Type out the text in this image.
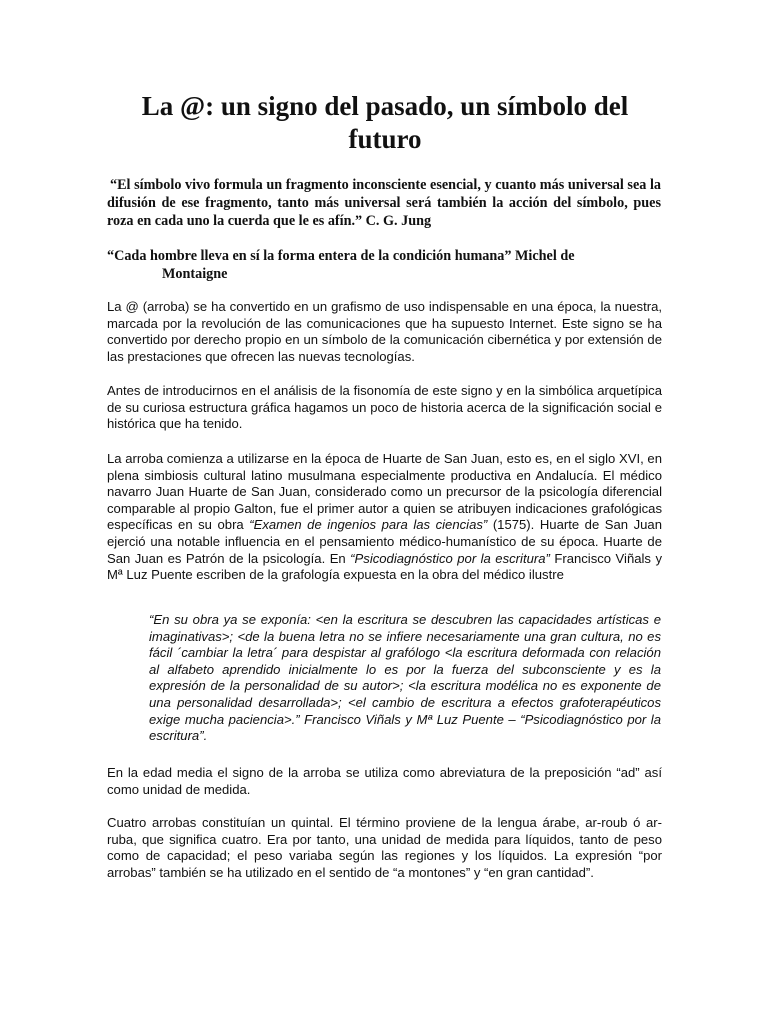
La @: un signo del pasado, un símbolo del futuro

“El símbolo vivo formula un fragmento inconsciente esencial, y cuanto más universal sea la difusión de ese fragmento, tanto más universal será también la acción del símbolo, pues roza en cada uno la cuerda que le es afín.” C. G. Jung

“Cada hombre lleva en sí la forma entera de la condición humana” Michel de
Montaigne

La @ (arroba) se ha convertido en un grafismo de uso indispensable en una época, la nuestra, marcada por la revolución de las comunicaciones que ha supuesto Internet. Este signo se ha convertido por derecho propio en un símbolo de la comunicación cibernética y por extensión de las prestaciones que ofrecen las nuevas tecnologías.

Antes de introducirnos en el análisis de la fisonomía de este signo y en la simbólica arquetípica de su curiosa estructura gráfica hagamos un poco de historia acerca de la significación social e histórica que ha tenido.

La arroba comienza a utilizarse en la época de Huarte de San Juan, esto es, en el siglo XVI, en plena simbiosis cultural latino musulmana especialmente productiva en Andalucía. El médico navarro Juan Huarte de San Juan, considerado como un precursor de la psicología diferencial comparable al propio Galton, fue el primer autor a quien se atribuyen indicaciones grafológicas específicas en su obra “Examen de ingenios para las ciencias” (1575). Huarte de San Juan ejerció una notable influencia en el pensamiento médico-humanístico de su época. Huarte de San Juan es Patrón de la psicología. En “Psicodiagnóstico por la escritura” Francisco Viñals y Mª Luz Puente escriben de la grafología expuesta en la obra del médico ilustre

“En su obra ya se exponía: <en la escritura se descubren las capacidades artísticas e imaginativas>; <de la buena letra no se infiere necesariamente una gran cultura, no es fácil ´cambiar la letra´ para despistar al grafólogo <la escritura deformada con relación al alfabeto aprendido inicialmente lo es por la fuerza del subconsciente y es la expresión de la personalidad de su autor>; <la escritura modélica no es exponente de una personalidad desarrollada>; <el cambio de escritura a efectos grafoterapéuticos exige mucha paciencia>.” Francisco Viñals y Mª Luz Puente – “Psicodiagnóstico por la escritura”.

En la edad media el signo de la arroba se utiliza como abreviatura de la preposición “ad” así como unidad de medida.

Cuatro arrobas constituían un quintal. El término proviene de la lengua árabe, ar-roub ó ar-ruba, que significa cuatro. Era por tanto, una unidad de medida para líquidos, tanto de peso como de capacidad; el peso variaba según las regiones y los líquidos. La expresión “por arrobas” también se ha utilizado en el sentido de “a montones” y “en gran cantidad”.
